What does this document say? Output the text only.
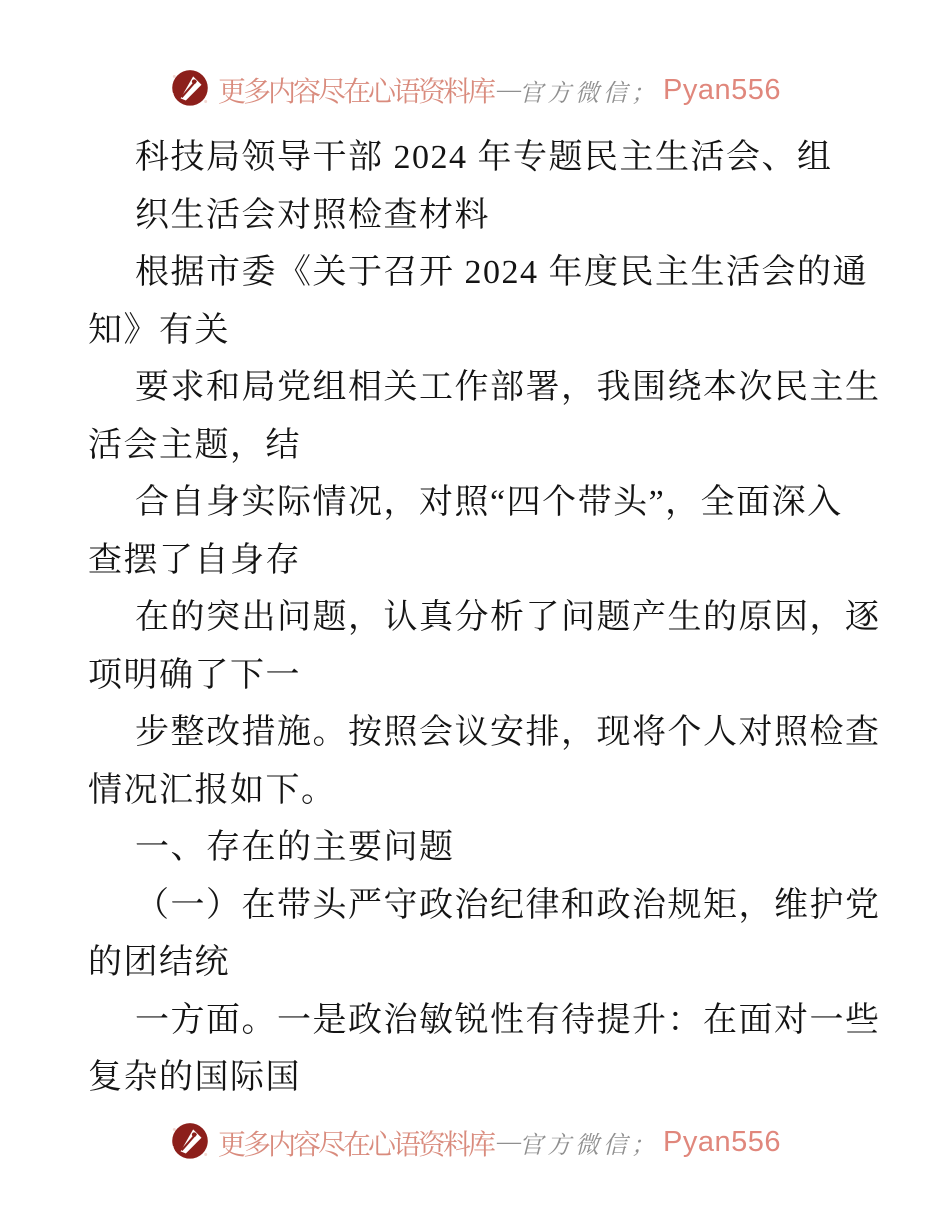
更多内容尽在心语资料库 — 官方微信； Pyan556
科技局领导干部 2024 年专题民主生活会、组
织生活会对照检查材料
根据市委《关于召开 2024 年度民主生活会的通
知》有关
要求和局党组相关工作部署，我围绕本次民主生
活会主题，结
合自身实际情况，对照“四个带头”，全面深入
查摆了自身存
在的突出问题，认真分析了问题产生的原因，逐
项明确了下一
步整改措施。按照会议安排，现将个人对照检查
情况汇报如下。
一、存在的主要问题
（一）在带头严守政治纪律和政治规矩，维护党
的团结统
一方面。一是政治敏锐性有待提升：在面对一些
复杂的国际国
更多内容尽在心语资料库 — 官方微信； Pyan556
